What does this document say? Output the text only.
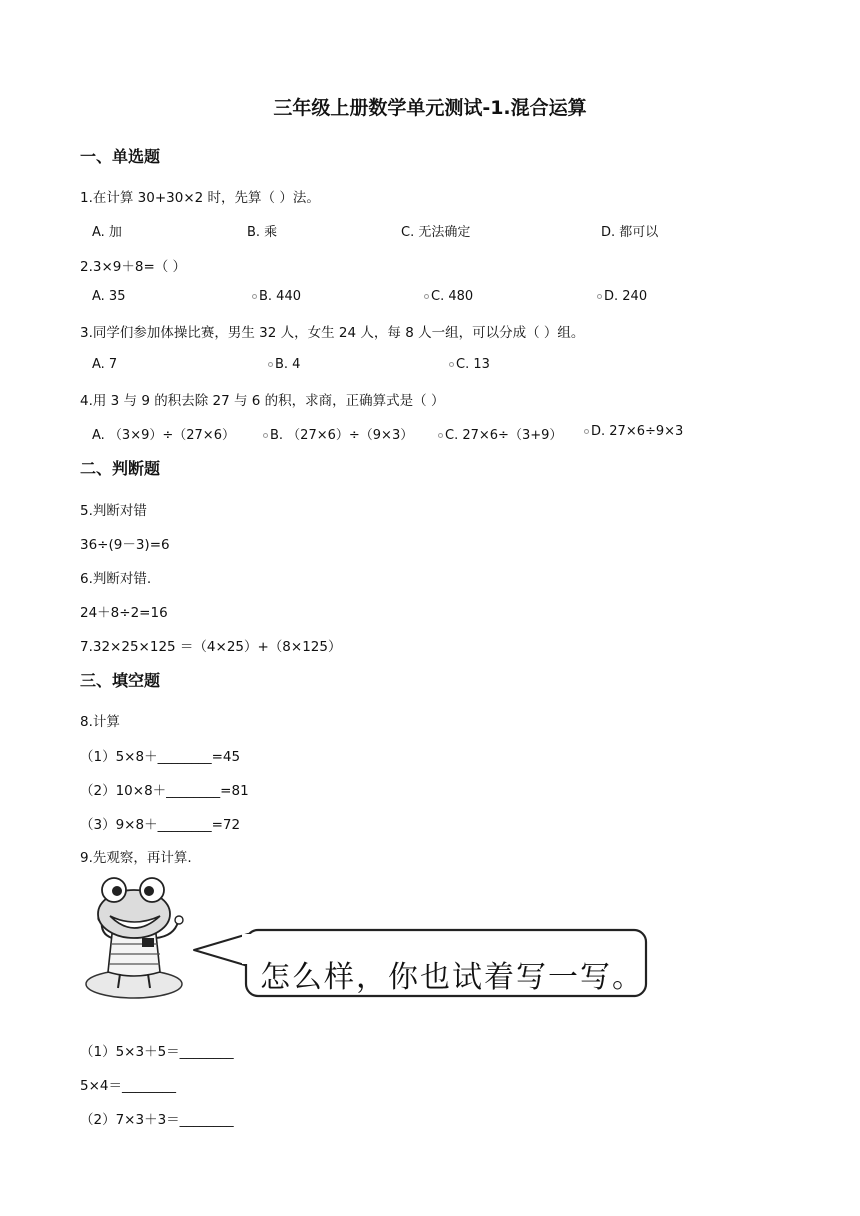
三年级上册数学单元测试-1.混合运算
一、单选题
1.在计算 30+30×2 时，先算（ ）法。
A. 加	B. 乘	C. 无法确定	D. 都可以
2.3×9＋8=（ ）
A. 35	B. 440	C. 480	D. 240
3.同学们参加体操比赛，男生 32 人，女生 24 人，每 8 人一组，可以分成（ ）组。
A. 7	B. 4	C. 13
4.用 3 与 9 的积去除 27 与 6 的积，求商，正确算式是（ ）
A. （3×9）÷（27×6）	B. （27×6）÷（9×3）	C. 27×6÷（3+9）	D. 27×6÷9×3
二、判断题
5.判断对错
36÷(9－3)=6
6.判断对错.
24＋8÷2=16
7.32×25×125 ＝（4×25）+（8×125）
三、填空题
8.计算
（1）5×8＋________=45
（2）10×8＋________=81
（3）9×8＋________=72
9.先观察，再计算.
怎么样，你也试着写一写。
（1）5×3＋5＝________
5×4＝________
（2）7×3＋3＝________
